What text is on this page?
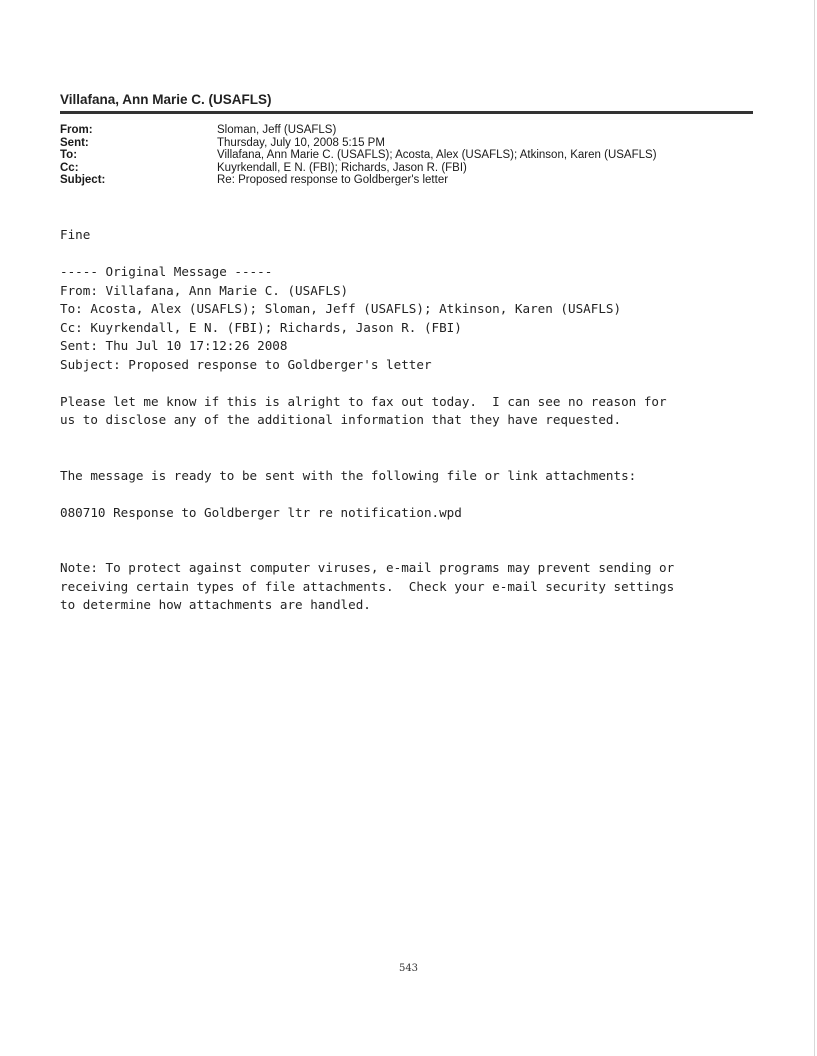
Villafana, Ann Marie C. (USAFLS)
From:	Sloman, Jeff (USAFLS)
Sent:	Thursday, July 10, 2008 5:15 PM
To:	Villafana, Ann Marie C. (USAFLS); Acosta, Alex (USAFLS); Atkinson, Karen (USAFLS)
Cc:	Kuyrkendall, E N. (FBI); Richards, Jason R. (FBI)
Subject:	Re: Proposed response to Goldberger's letter
Fine
----- Original Message -----
From: Villafana, Ann Marie C. (USAFLS)
To: Acosta, Alex (USAFLS); Sloman, Jeff (USAFLS); Atkinson, Karen (USAFLS)
Cc: Kuyrkendall, E N. (FBI); Richards, Jason R. (FBI)
Sent: Thu Jul 10 17:12:26 2008
Subject: Proposed response to Goldberger's letter
Please let me know if this is alright to fax out today.  I can see no reason for
us to disclose any of the additional information that they have requested.
The message is ready to be sent with the following file or link attachments:
080710 Response to Goldberger ltr re notification.wpd
Note: To protect against computer viruses, e-mail programs may prevent sending or
receiving certain types of file attachments.  Check your e-mail security settings
to determine how attachments are handled.
543
